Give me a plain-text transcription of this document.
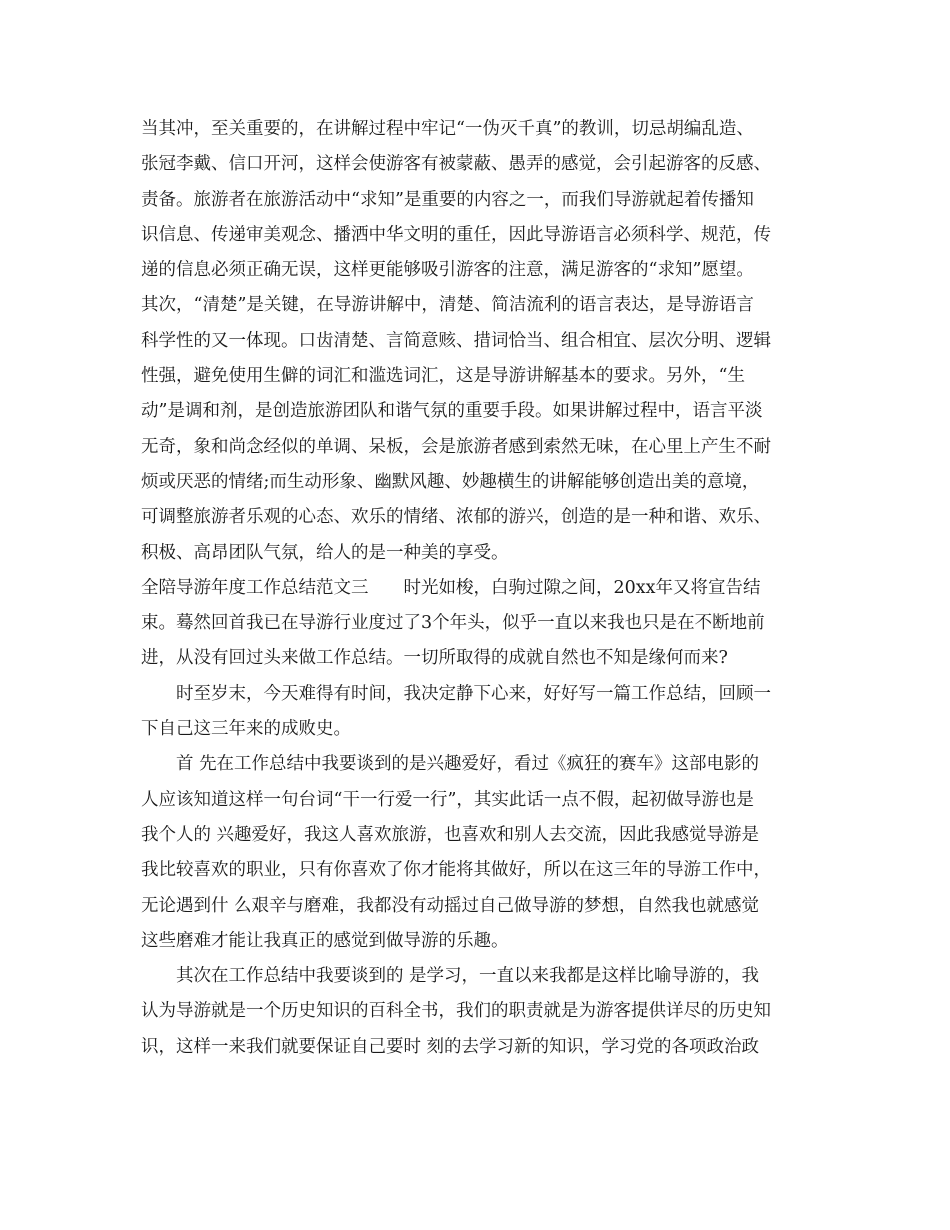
当其冲，至关重要的，在讲解过程中牢记“一伪灭千真”的教训，切忌胡编乱造、
张冠李戴、信口开河，这样会使游客有被蒙蔽、愚弄的感觉，会引起游客的反感、
责备。旅游者在旅游活动中“求知”是重要的内容之一，而我们导游就起着传播知
识信息、传递审美观念、播洒中华文明的重任，因此导游语言必须科学、规范，传
递的信息必须正确无误，这样更能够吸引游客的注意，满足游客的“求知”愿望。
其次，“清楚”是关键，在导游讲解中，清楚、简洁流利的语言表达，是导游语言
科学性的又一体现。口齿清楚、言简意赅、措词恰当、组合相宜、层次分明、逻辑
性强，避免使用生僻的词汇和滥选词汇，这是导游讲解基本的要求。另外，“生
动”是调和剂，是创造旅游团队和谐气氛的重要手段。如果讲解过程中，语言平淡
无奇，象和尚念经似的单调、呆板，会是旅游者感到索然无味，在心里上产生不耐
烦或厌恶的情绪;而生动形象、幽默风趣、妙趣横生的讲解能够创造出美的意境，
可调整旅游者乐观的心态、欢乐的情绪、浓郁的游兴，创造的是一种和谐、欢乐、
积极、高昂团队气氛，给人的是一种美的享受。
全陪导游年度工作总结范文三　　时光如梭，白驹过隙之间，20xx年又将宣告结
束。蓦然回首我已在导游行业度过了3个年头，似乎一直以来我也只是在不断地前
进，从没有回过头来做工作总结。一切所取得的成就自然也不知是缘何而来?
　　时至岁末，今天难得有时间，我决定静下心来，好好写一篇工作总结，回顾一
下自己这三年来的成败史。
　　首 先在工作总结中我要谈到的是兴趣爱好，看过《疯狂的赛车》这部电影的
人应该知道这样一句台词“干一行爱一行”，其实此话一点不假，起初做导游也是
我个人的 兴趣爱好，我这人喜欢旅游，也喜欢和别人去交流，因此我感觉导游是
我比较喜欢的职业，只有你喜欢了你才能将其做好，所以在这三年的导游工作中，
无论遇到什 么艰辛与磨难，我都没有动摇过自己做导游的梦想，自然我也就感觉
这些磨难才能让我真正的感觉到做导游的乐趣。
　　其次在工作总结中我要谈到的 是学习，一直以来我都是这样比喻导游的，我
认为导游就是一个历史知识的百科全书，我们的职责就是为游客提供详尽的历史知
识，这样一来我们就要保证自己要时 刻的去学习新的知识，学习党的各项政治政
